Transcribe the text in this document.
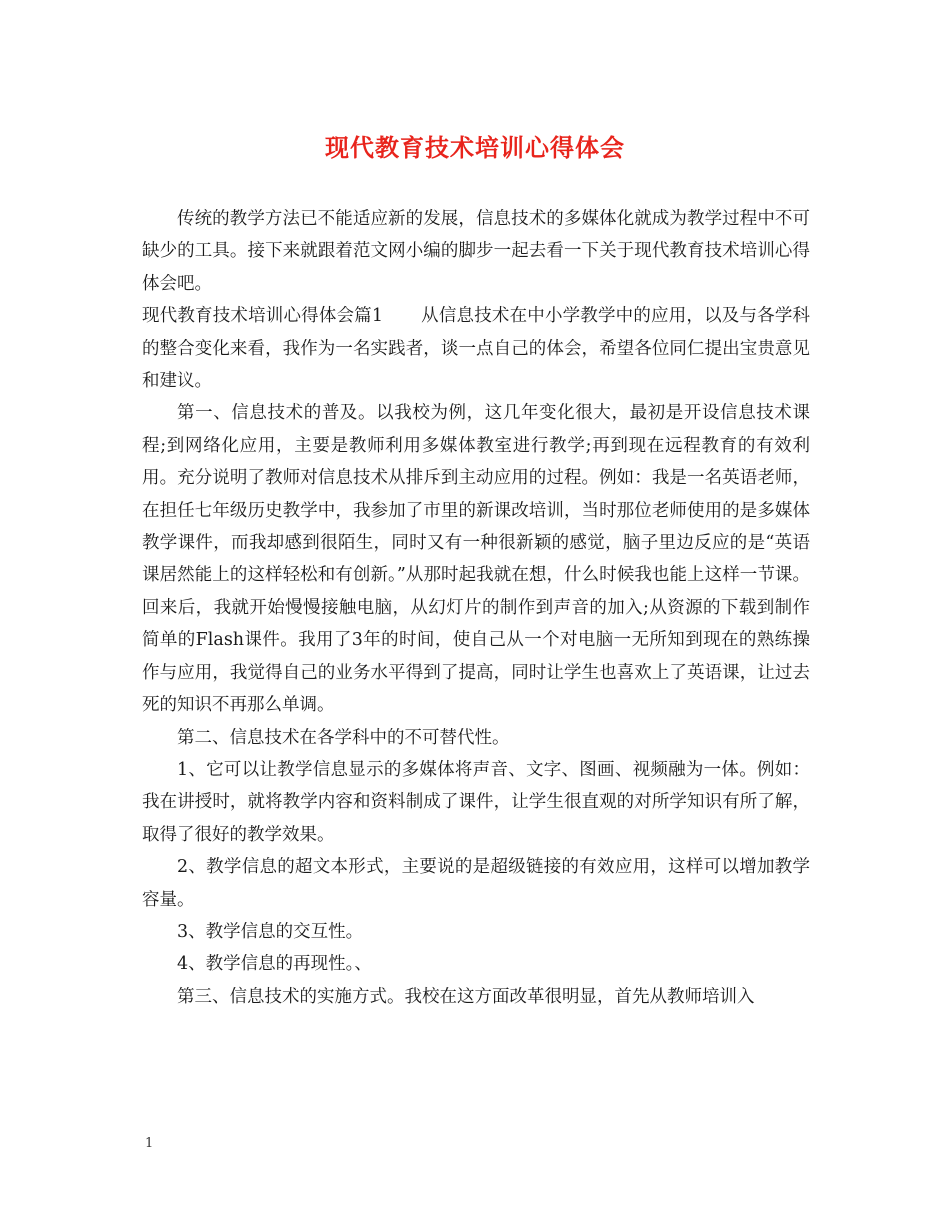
现代教育技术培训心得体会

传统的教学方法已不能适应新的发展，信息技术的多媒体化就成为教学过程中不可缺少的工具。接下来就跟着范文网小编的脚步一起去看一下关于现代教育技术培训心得体会吧。

现代教育技术培训心得体会篇1 从信息技术在中小学教学中的应用，以及与各学科的整合变化来看，我作为一名实践者，谈一点自己的体会，希望各位同仁提出宝贵意见和建议。

第一、信息技术的普及。以我校为例，这几年变化很大，最初是开设信息技术课程;到网络化应用，主要是教师利用多媒体教室进行教学;再到现在远程教育的有效利用。充分说明了教师对信息技术从排斥到主动应用的过程。例如：我是一名英语老师，在担任七年级历史教学中，我参加了市里的新课改培训，当时那位老师使用的是多媒体教学课件，而我却感到很陌生，同时又有一种很新颖的感觉，脑子里边反应的是“英语课居然能上的这样轻松和有创新。”从那时起我就在想，什么时候我也能上这样一节课。回来后，我就开始慢慢接触电脑，从幻灯片的制作到声音的加入;从资源的下载到制作简单的Flash课件。我用了3年的时间，使自己从一个对电脑一无所知到现在的熟练操作与应用，我觉得自己的业务水平得到了提高，同时让学生也喜欢上了英语课，让过去死的知识不再那么单调。

第二、信息技术在各学科中的不可替代性。

1、它可以让教学信息显示的多媒体将声音、文字、图画、视频融为一体。例如：我在讲授时，就将教学内容和资料制成了课件，让学生很直观的对所学知识有所了解，取得了很好的教学效果。

2、教学信息的超文本形式，主要说的是超级链接的有效应用，这样可以增加教学容量。

3、教学信息的交互性。

4、教学信息的再现性。、

第三、信息技术的实施方式。我校在这方面改革很明显，首先从教师培训入

1
